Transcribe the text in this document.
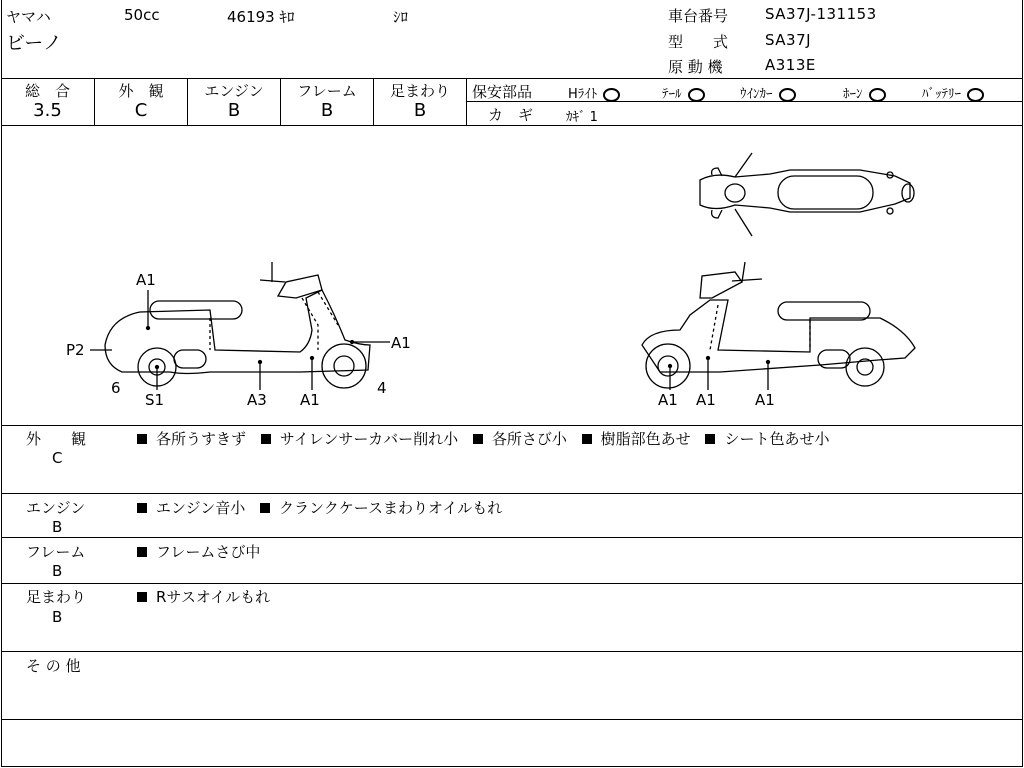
ヤマハ
ビーノ
50cc	46193 ｷﾛ	ｼﾛ	車台番号 SA37J-131153
型　　式 SA37J
原 動 機	A313E
総　合	外　観	エンジン	フレーム	足まわり
3.5	C	B	B	B
保安部品	Hﾗｲﾄ	ﾃｰﾙ	ｳｲﾝｶｰ	ﾎｰﾝ	ﾊﾞｯﾃﾘｰ
カ　ギ	ｶｷﾞ 1
A1
P2
6
S1	A3 A1
A1
4
A1 A1	A1
外　　観
C
各所うすきず
サイレンサーカバー削れ小
各所さび小
樹脂部色あせ
シート色あせ小
エンジン
B
エンジン音小
クランクケースまわりオイルもれ
フレーム
B
フレームさび中
足まわり
B
Rサスオイルもれ
そ の 他
